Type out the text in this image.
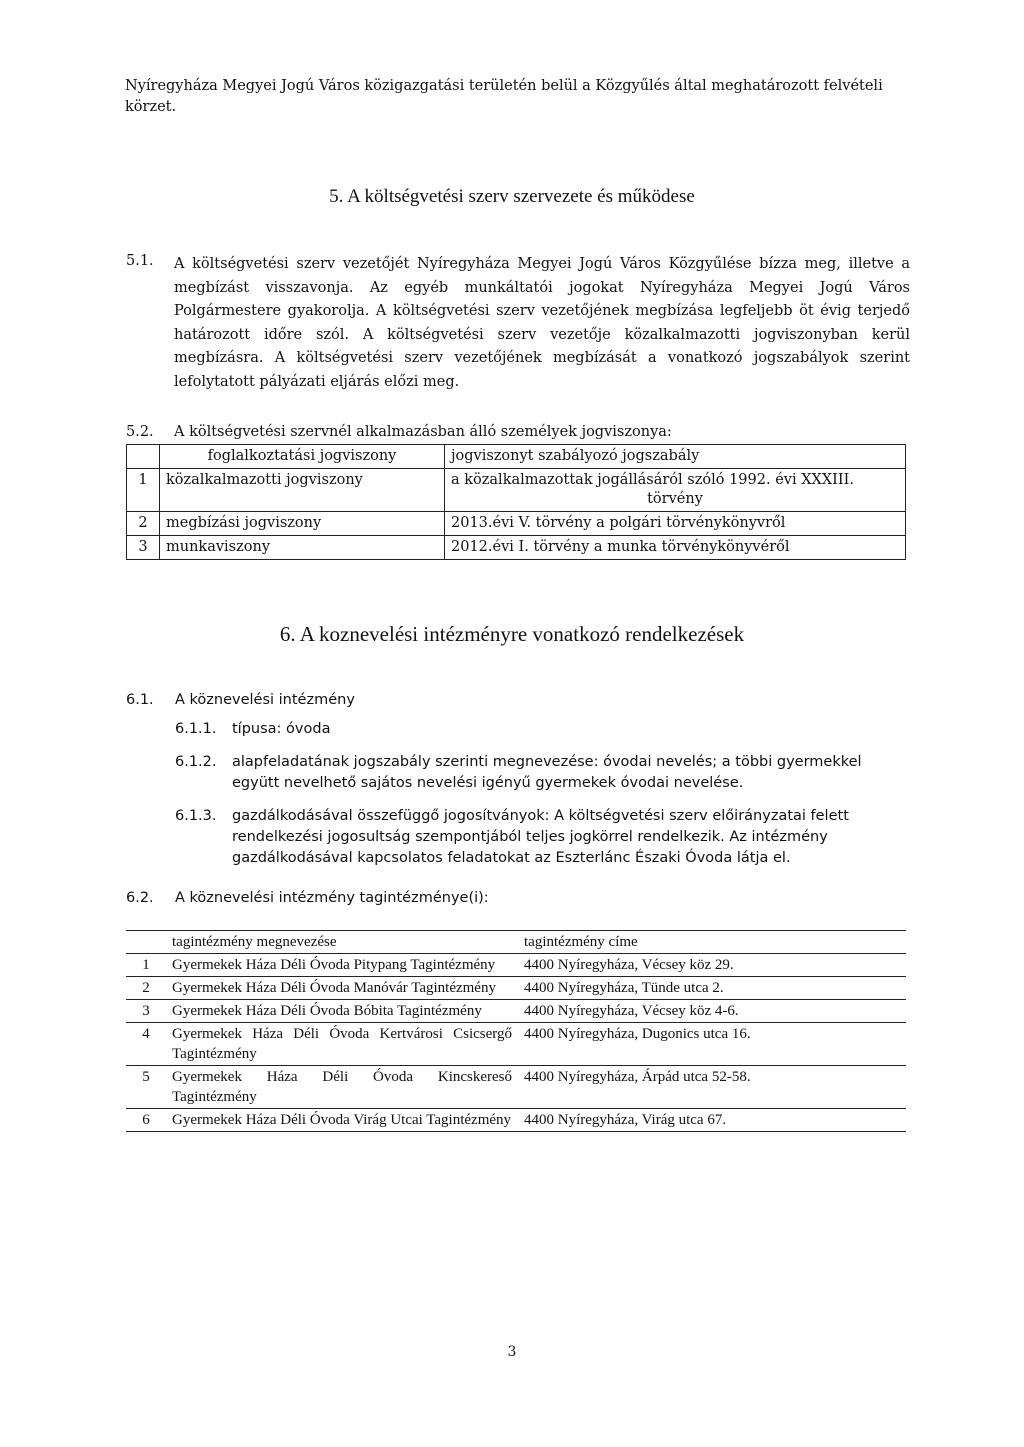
Nyíregyháza Megyei Jogú Város közigazgatási területén belül a Közgyűlés által meghatározott felvételi körzet.
5. A költségvetési szerv szervezete és működese
5.1. A költségvetési szerv vezetőjét Nyíregyháza Megyei Jogú Város Közgyűlése bízza meg, illetve a megbízást visszavonja. Az egyéb munkáltatói jogokat Nyíregyháza Megyei Jogú Város Polgármestere gyakorolja. A költségvetési szerv vezetőjének megbízása legfeljebb öt évig terjedő határozott időre szól. A költségvetési szerv vezetője közalkalmazotti jogviszonyban kerül megbízásra. A költségvetési szerv vezetőjének megbízását a vonatkozó jogszabályok szerint lefolytatott pályázati eljárás előzi meg.
5.2. A költségvetési szervnél alkalmazásban álló személyek jogviszonya:
	foglalkoztatási jogviszony	jogviszonyt szabályozó jogszabály
1	közalkalmazotti jogviszony	a közalkalmazottak jogállásáról szóló 1992. évi XXXIII.
törvény

2	megbízási jogviszony	2013.évi V. törvény a polgári törvénykönyvről
3	munkaviszony	2012.évi I. törvény a munka törvénykönyvéről
6. A koznevelési intézményre vonatkozó rendelkezések
6.1. A köznevelési intézmény
6.1.1. típusa: óvoda
6.1.2. alapfeladatának jogszabály szerinti megnevezése: óvodai nevelés; a többi gyermekkel együtt nevelhető sajátos nevelési igényű gyermekek óvodai nevelése.
6.1.3. gazdálkodásával összefüggő jogosítványok: A költségvetési szerv előirányzatai felett rendelkezési jogosultság szempontjából teljes jogkörrel rendelkezik. Az intézmény gazdálkodásával kapcsolatos feladatokat az Eszterlánc Északi Óvoda látja el.
6.2. A köznevelési intézmény tagintézménye(i):
	tagintézmény megnevezése	tagintézmény címe
1	Gyermekek Háza Déli Óvoda Pitypang Tagintézmény	4400 Nyíregyháza, Vécsey köz 29.
2	Gyermekek Háza Déli Óvoda Manóvár Tagintézmény	4400 Nyíregyháza, Tünde utca 2.
3	Gyermekek Háza Déli Óvoda Bóbita Tagintézmény	4400 Nyíregyháza, Vécsey köz 4-6.
4	Gyermekek Háza Déli Óvoda Kertvárosi Csicsergő Tagintézmény	4400 Nyíregyháza, Dugonics utca 16.
5	Gyermekek Háza Déli Óvoda Kincskereső Tagintézmény	4400 Nyíregyháza, Árpád utca 52-58.
6	Gyermekek Háza Déli Óvoda Virág Utcai Tagintézmény	4400 Nyíregyháza, Virág utca 67.
3
